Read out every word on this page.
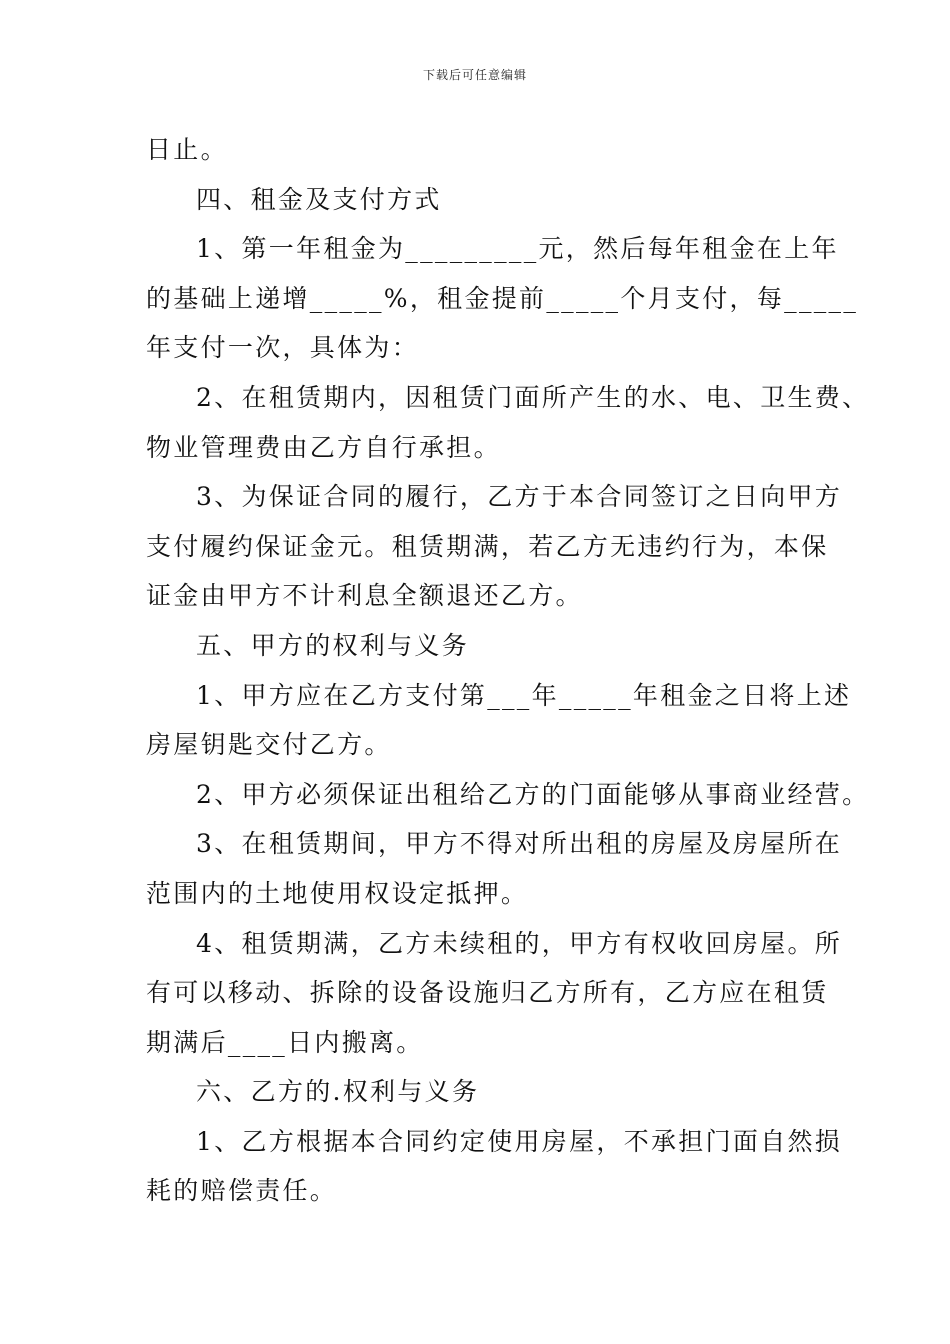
下载后可任意编辑
日止。
四、租金及支付方式
1、第一年租金为_________元，然后每年租金在上年
的基础上递增_____%，租金提前_____个月支付，每_____
年支付一次，具体为：
2、在租赁期内，因租赁门面所产生的水、电、卫生费、
物业管理费由乙方自行承担。
3、为保证合同的履行，乙方于本合同签订之日向甲方
支付履约保证金元。租赁期满，若乙方无违约行为，本保
证金由甲方不计利息全额退还乙方。
五、甲方的权利与义务
1、甲方应在乙方支付第___年_____年租金之日将上述
房屋钥匙交付乙方。
2、甲方必须保证出租给乙方的门面能够从事商业经营。
3、在租赁期间，甲方不得对所出租的房屋及房屋所在
范围内的土地使用权设定抵押。
4、租赁期满，乙方未续租的，甲方有权收回房屋。所
有可以移动、拆除的设备设施归乙方所有，乙方应在租赁
期满后____日内搬离。
六、乙方的.权利与义务
1、乙方根据本合同约定使用房屋，不承担门面自然损
耗的赔偿责任。
